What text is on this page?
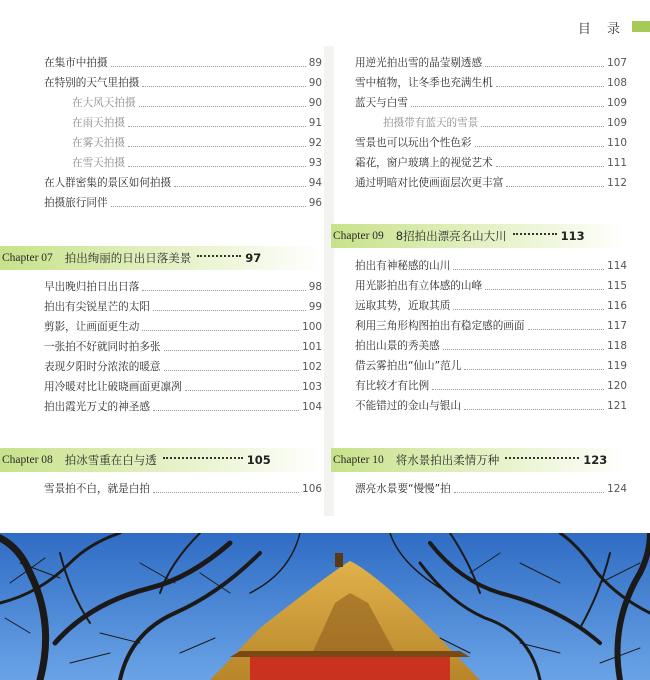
目 录
在集市中拍摄	89
在特别的天气里拍摄	90
在大风天拍摄	90
在雨天拍摄	91
在雾天拍摄	92
在雪天拍摄	93
在人群密集的景区如何拍摄	94
拍摄旅行同伴	96
Chapter 07	拍出绚丽的日出日落美景	97
早出晚归拍日出日落	98
拍出有尖锐星芒的太阳	99
剪影，让画面更生动	100
一张拍不好就同时拍多张	101
表现夕阳时分浓浓的暖意	102
用冷暖对比让破晓画面更凛冽	103
拍出霞光万丈的神圣感	104
Chapter 08	拍冰雪重在白与透	105
雪景拍不白，就是白拍	106
用逆光拍出雪的晶莹剔透感	107
雪中植物，让冬季也充满生机	108
蓝天与白雪	109
拍摄带有蓝天的雪景	109
雪景也可以玩出个性色彩	110
霜花，窗户玻璃上的视觉艺术	111
通过明暗对比使画面层次更丰富	112
Chapter 09	8招拍出漂亮名山大川	113
拍出有神秘感的山川	114
用光影拍出有立体感的山峰	115
远取其势，近取其质	116
利用三角形构图拍出有稳定感的画面	117
拍出山景的秀美感	118
借云雾拍出“仙山”范儿	119
有比较才有比例	120
不能错过的金山与银山	121
Chapter 10	将水景拍出柔情万种	123
漂亮水景要“慢慢”拍	124
